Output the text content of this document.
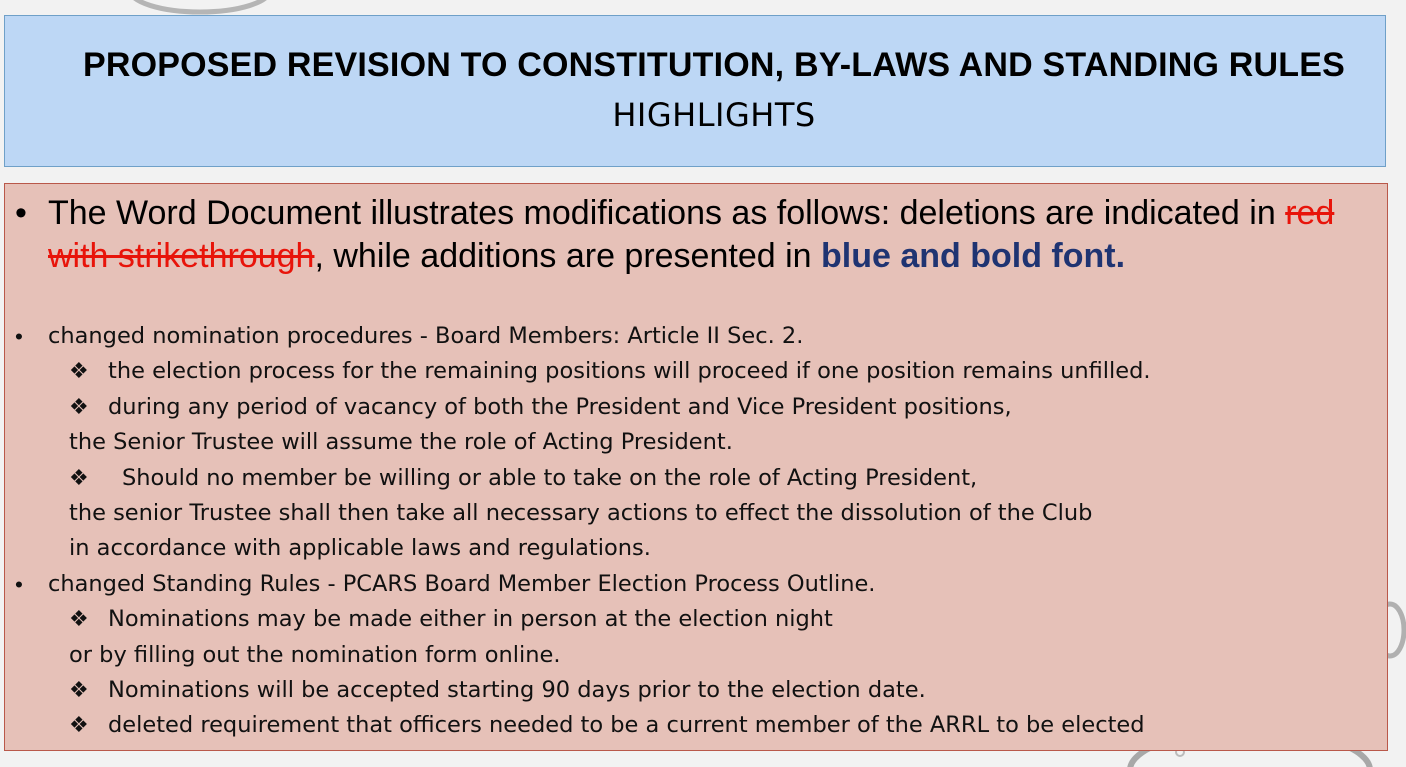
PROPOSED REVISION TO CONSTITUTION, BY-LAWS AND STANDING RULES
HIGHLIGHTS
• The Word Document illustrates modifications as follows: deletions are indicated in red with strikethrough, while additions are presented in blue and bold font.
• changed nomination procedures - Board Members: Article II Sec. 2.
❖ the election process for the remaining positions will proceed if one position remains unfilled.
❖ during any period of vacancy of both the President and Vice President positions,
the Senior Trustee will assume the role of Acting President.
❖ Should no member be willing or able to take on the role of Acting President,
the senior Trustee shall then take all necessary actions to effect the dissolution of the Club
in accordance with applicable laws and regulations.
• changed Standing Rules - PCARS Board Member Election Process Outline.
❖ Nominations may be made either in person at the election night
or by filling out the nomination form online.
❖ Nominations will be accepted starting 90 days prior to the election date.
❖ deleted requirement that officers needed to be a current member of the ARRL to be elected
